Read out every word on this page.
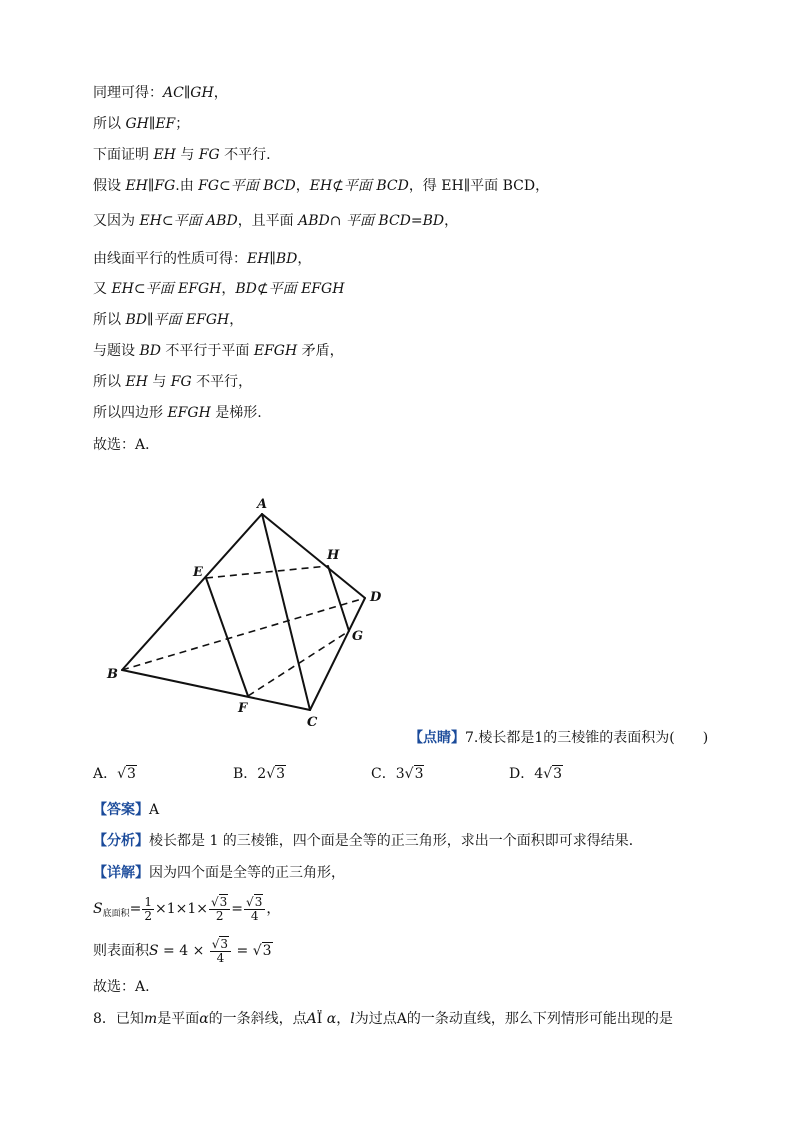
同理可得：AC∥GH，
所以 GH∥EF；
下面证明 EH 与 FG 不平行.
假设 EH∥FG.由 FG⊂平面 BCD，EH⊄平面 BCD，得 EH∥平面 BCD，
又因为 EH⊂平面 ABD，且平面 ABD∩ 平面 BCD=BD，
由线面平行的性质可得：EH∥BD，
又 EH⊂平面 EFGH，BD⊄平面 EFGH
所以 BD∥平面 EFGH，
与题设 BD 不平行于平面 EFGH 矛盾，
所以 EH 与 FG 不平行，
所以四边形 EFGH 是梯形.
故选：A．
A
H
E
D
G
B
F
C
【点睛】7.棱长都是1的三棱锥的表面积为(　　)
A．√3	B．2√3	C．3√3	D．4√3
【答案】A
【分析】棱长都是 1 的三棱锥，四个面是全等的正三角形，求出一个面积即可求得结果．
【详解】因为四个面是全等的正三角形，
$S_{底面积}= \frac{1}{2} \times 1\times 1\times \frac{√3}{2} = \frac{√3}{4}$ ，
则表面积$S = 4 \times \frac{√3}{4} = √3$
故选：A.
8．已知m是平面α的一条斜线，点AÏ α，l为过点A的一条动直线，那么下列情形可能出现的是
